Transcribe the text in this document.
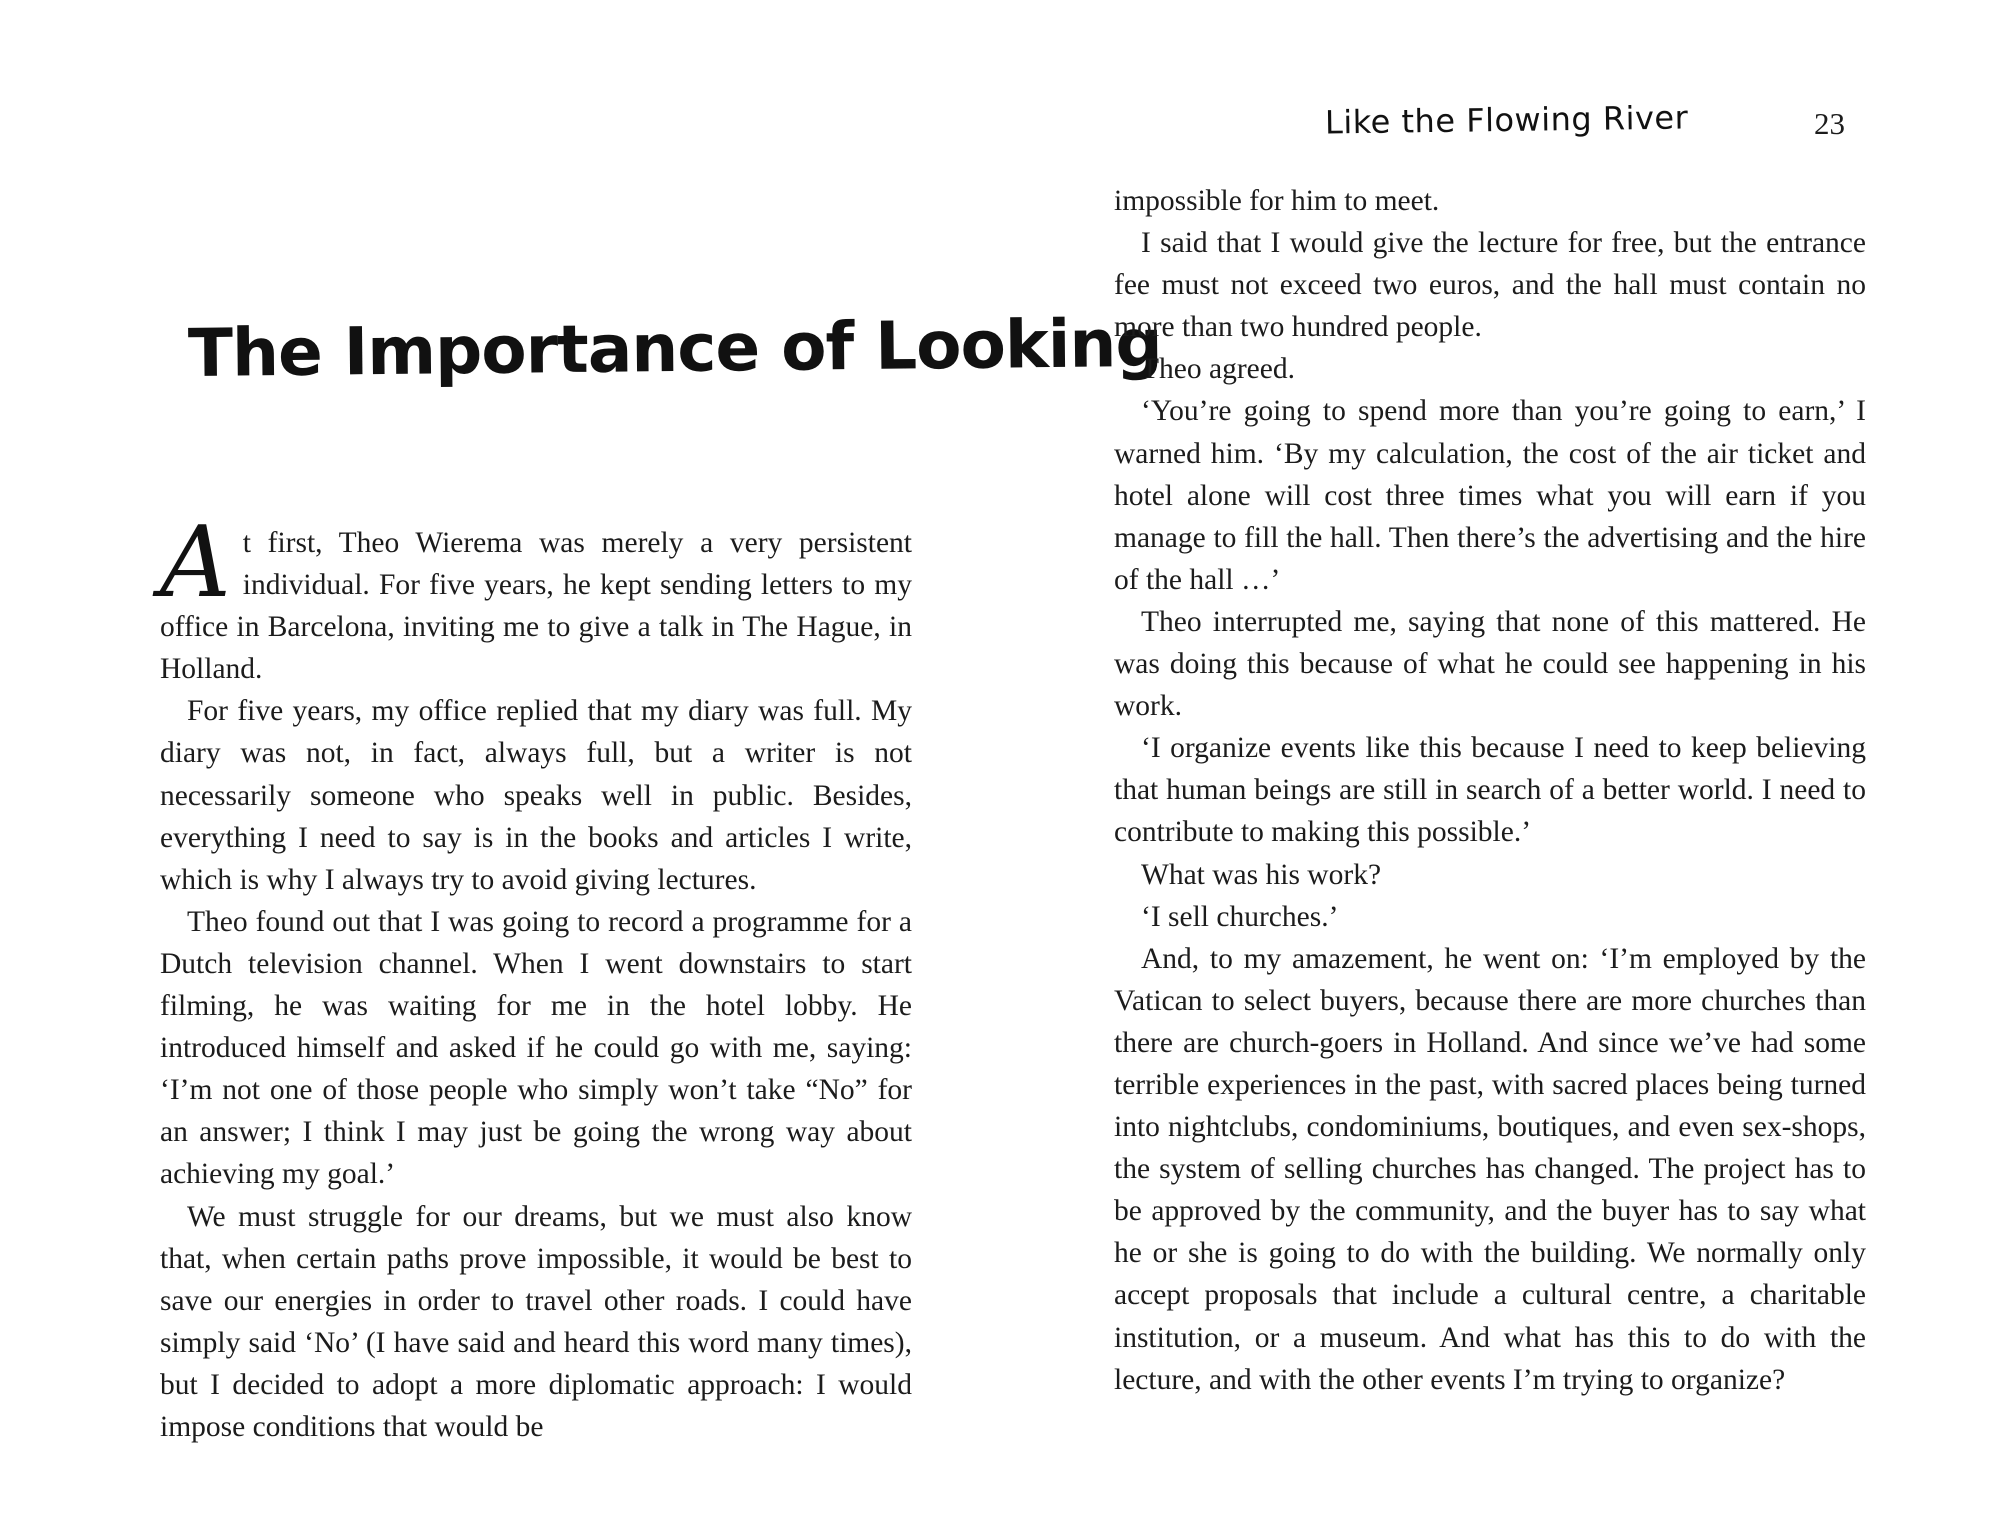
The Importance of Looking

At first, Theo Wierema was merely a very persistent individual. For five years, he kept sending letters to my office in Barcelona, inviting me to give a talk in The Hague, in Holland.

For five years, my office replied that my diary was full. My diary was not, in fact, always full, but a writer is not necessarily someone who speaks well in public. Besides, everything I need to say is in the books and articles I write, which is why I always try to avoid giving lectures.

Theo found out that I was going to record a programme for a Dutch television channel. When I went downstairs to start filming, he was waiting for me in the hotel lobby. He introduced himself and asked if he could go with me, saying: ‘I’m not one of those people who simply won’t take “No” for an answer; I think I may just be going the wrong way about achieving my goal.’

We must struggle for our dreams, but we must also know that, when certain paths prove impossible, it would be best to save our energies in order to travel other roads. I could have simply said ‘No’ (I have said and heard this word many times), but I decided to adopt a more diplomatic approach: I would impose conditions that would be

Like the Flowing River	23

impossible for him to meet.

I said that I would give the lecture for free, but the entrance fee must not exceed two euros, and the hall must contain no more than two hundred people.

Theo agreed.

‘You’re going to spend more than you’re going to earn,’ I warned him. ‘By my calculation, the cost of the air ticket and hotel alone will cost three times what you will earn if you manage to fill the hall. Then there’s the advertising and the hire of the hall …’

Theo interrupted me, saying that none of this mattered. He was doing this because of what he could see happening in his work.

‘I organize events like this because I need to keep believing that human beings are still in search of a better world. I need to contribute to making this possible.’

What was his work?

‘I sell churches.’

And, to my amazement, he went on: ‘I’m employed by the Vatican to select buyers, because there are more churches than there are church-goers in Holland. And since we’ve had some terrible experiences in the past, with sacred places being turned into nightclubs, condominiums, boutiques, and even sex-shops, the system of selling churches has changed. The project has to be approved by the community, and the buyer has to say what he or she is going to do with the building. We normally only accept proposals that include a cultural centre, a charitable institution, or a museum. And what has this to do with the lecture, and with the other events I’m trying to organize?
